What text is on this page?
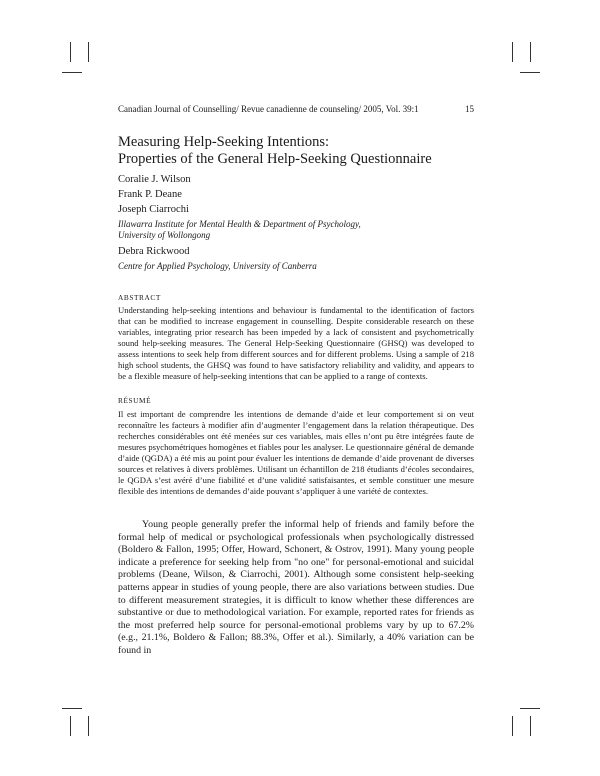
Canadian Journal of Counselling/ Revue canadienne de counseling/ 2005, Vol. 39:1	15
Measuring Help-Seeking Intentions:
Properties of the General Help-Seeking Questionnaire
Coralie J. Wilson
Frank P. Deane
Joseph Ciarrochi
Illawarra Institute for Mental Health & Department of Psychology,
University of Wollongong
Debra Rickwood
Centre for Applied Psychology, University of Canberra
ABSTRACT
Understanding help-seeking intentions and behaviour is fundamental to the identification of factors that can be modified to increase engagement in counselling. Despite considerable research on these variables, integrating prior research has been impeded by a lack of consistent and psychometrically sound help-seeking measures. The General Help-Seeking Questionnaire (GHSQ) was developed to assess intentions to seek help from different sources and for different problems. Using a sample of 218 high school students, the GHSQ was found to have satisfactory reliability and validity, and appears to be a flexible measure of help-seeking intentions that can be applied to a range of contexts.
RÉSUMÉ
Il est important de comprendre les intentions de demande d’aide et leur comportement si on veut reconnaître les facteurs à modifier afin d’augmenter l’engagement dans la relation thérapeutique. Des recherches considérables ont été menées sur ces variables, mais elles n’ont pu être intégrées faute de mesures psychométriques homogènes et fiables pour les analyser. Le questionnaire général de demande d’aide (QGDA) a été mis au point pour évaluer les intentions de demande d’aide provenant de diverses sources et relatives à divers problèmes. Utilisant un échantillon de 218 étudiants d’écoles secondaires, le QGDA s’est avéré d’une fiabilité et d’une validité satisfaisantes, et semble constituer une mesure flexible des intentions de demandes d’aide pouvant s’appliquer à une variété de contextes.
Young people generally prefer the informal help of friends and family before the formal help of medical or psychological professionals when psychologically distressed (Boldero & Fallon, 1995; Offer, Howard, Schonert, & Ostrov, 1991). Many young people indicate a preference for seeking help from "no one" for personal-emotional and suicidal problems (Deane, Wilson, & Ciarrochi, 2001). Although some consistent help-seeking patterns appear in studies of young people, there are also variations between studies. Due to different measurement strategies, it is difficult to know whether these differences are substantive or due to methodological variation. For example, reported rates for friends as the most preferred help source for personal-emotional problems vary by up to 67.2% (e.g., 21.1%, Boldero & Fallon; 88.3%, Offer et al.). Similarly, a 40% variation can be found in
